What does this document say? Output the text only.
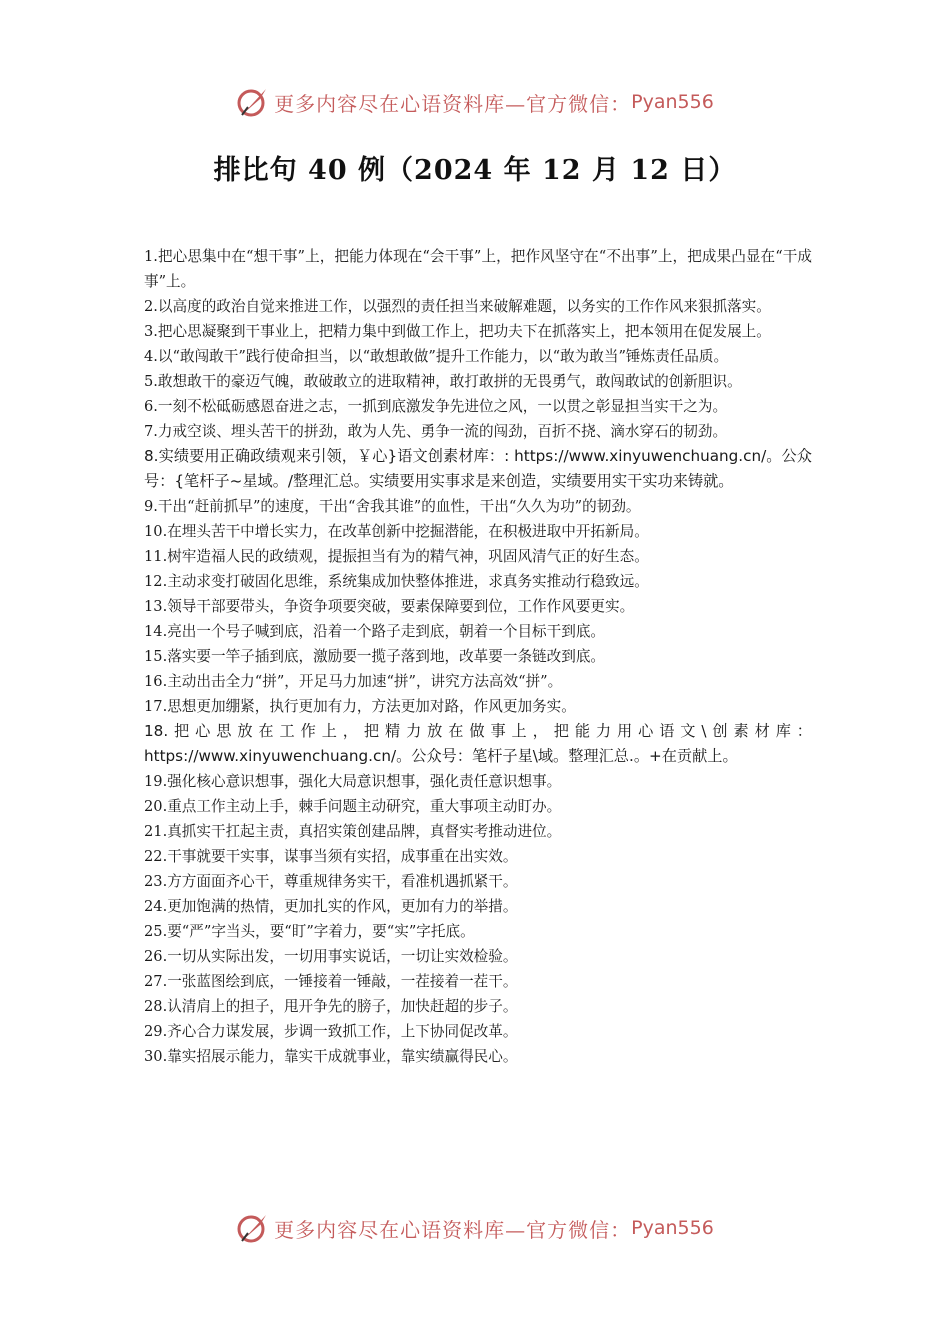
更多内容尽在心语资料库—官方微信： Pyan556
排比句 40 例（2024 年 12 月 12 日）

1.把心思集中在“想干事”上，把能力体现在“会干事”上，把作风坚守在“不出事”上，把成果凸显在“干成事”上。

2.以高度的政治自觉来推进工作，以强烈的责任担当来破解难题，以务实的工作作风来狠抓落实。

3.把心思凝聚到干事业上，把精力集中到做工作上，把功夫下在抓落实上，把本领用在促发展上。

4.以“敢闯敢干”践行使命担当，以“敢想敢做”提升工作能力，以“敢为敢当”锤炼责任品质。

5.敢想敢干的豪迈气魄，敢破敢立的进取精神，敢打敢拼的无畏勇气，敢闯敢试的创新胆识。

6.一刻不松砥砺感恩奋进之志，一抓到底激发争先进位之风，一以贯之彰显担当实干之为。

7.力戒空谈、埋头苦干的拼劲，敢为人先、勇争一流的闯劲，百折不挠、滴水穿石的韧劲。

8.实绩要用正确政绩观来引领，￥心}语文创素材库：: https://www.xinyuwenchuang.cn/。公众号：{笔杆子~星域。/整理汇总。实绩要用实事求是来创造，实绩要用实干实功来铸就。

9.干出“赶前抓早”的速度，干出“舍我其谁”的血性，干出“久久为功”的韧劲。

10.在埋头苦干中增长实力，在改革创新中挖掘潜能，在积极进取中开拓新局。

11.树牢造福人民的政绩观，提振担当有为的精气神，巩固风清气正的好生态。

12.主动求变打破固化思维，系统集成加快整体推进，求真务实推动行稳致远。

13.领导干部要带头，争资争项要突破，要素保障要到位，工作作风要更实。

14.亮出一个号子喊到底，沿着一个路子走到底，朝着一个目标干到底。

15.落实要一竿子插到底，激励要一揽子落到地，改革要一条链改到底。

16.主动出击全力“拼”，开足马力加速“拼”，讲究方法高效“拼”。

17.思想更加绷紧，执行更加有力，方法更加对路，作风更加务实。

18.把心思放在工作上，把精力放在做事上，把能力用心语文\创素材库：https://www.xinyuwenchuang.cn/。公众号：笔杆子星\域。整理汇总.。+在贡献上。

19.强化核心意识想事，强化大局意识想事，强化责任意识想事。

20.重点工作主动上手，棘手问题主动研究，重大事项主动盯办。

21.真抓实干扛起主责，真招实策创建品牌，真督实考推动进位。

22.干事就要干实事，谋事当须有实招，成事重在出实效。

23.方方面面齐心干，尊重规律务实干，看准机遇抓紧干。

24.更加饱满的热情，更加扎实的作风，更加有力的举措。

25.要“严”字当头，要“盯”字着力，要“实”字托底。

26.一切从实际出发，一切用事实说话，一切让实效检验。

27.一张蓝图绘到底，一锤接着一锤敲，一茬接着一茬干。

28.认清肩上的担子，甩开争先的膀子，加快赶超的步子。

29.齐心合力谋发展，步调一致抓工作，上下协同促改革。

30.靠实招展示能力，靠实干成就事业，靠实绩赢得民心。

更多内容尽在心语资料库—官方微信： Pyan556
